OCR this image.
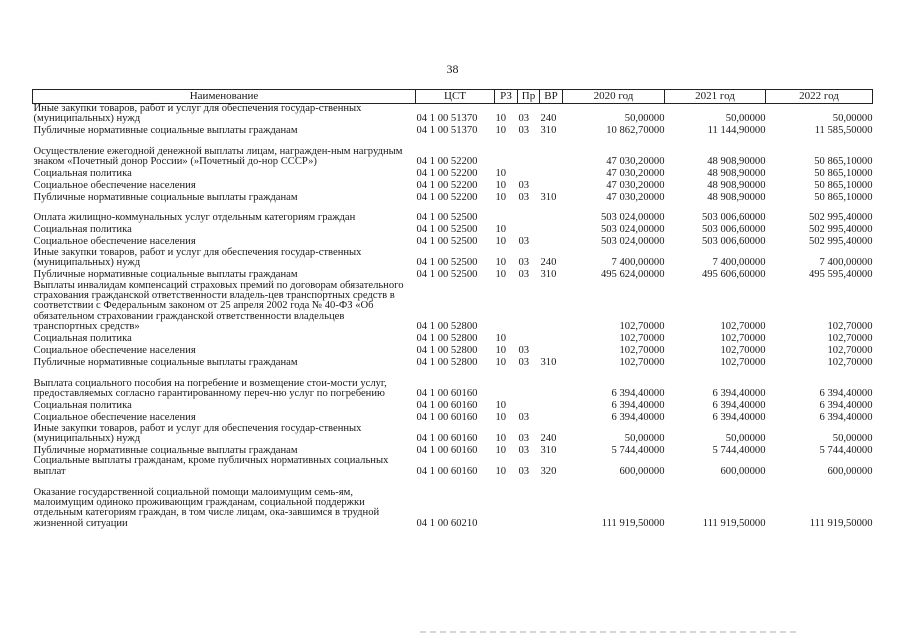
38
Наименование	ЦСТ	РЗ	Пр	ВР	2020 год	2021 год	2022 год
Иные закупки товаров, работ и услуг для обеспечения государ-ственных (муниципальных) нужд	04 1 00 51370	10	03	240	50,00000	50,00000	50,00000
Публичные нормативные социальные выплаты гражданам	04 1 00 51370	10	03	310	10 862,70000	11 144,90000	11 585,50000
Осуществление ежегодной денежной выплаты лицам, награжден-ным нагрудным знаком «Почетный донор России» (»Почетный до-нор СССР»)	04 1 00 52200				47 030,20000	48 908,90000	50 865,10000
Социальная политика	04 1 00 52200	10			47 030,20000	48 908,90000	50 865,10000
Социальное обеспечение населения	04 1 00 52200	10	03		47 030,20000	48 908,90000	50 865,10000
Публичные нормативные социальные выплаты гражданам	04 1 00 52200	10	03	310	47 030,20000	48 908,90000	50 865,10000
Оплата жилищно-коммунальных услуг отдельным категориям граждан	04 1 00 52500				503 024,00000	503 006,60000	502 995,40000
Социальная политика	04 1 00 52500	10			503 024,00000	503 006,60000	502 995,40000
Социальное обеспечение населения	04 1 00 52500	10	03		503 024,00000	503 006,60000	502 995,40000
Иные закупки товаров, работ и услуг для обеспечения государ-ственных (муниципальных) нужд	04 1 00 52500	10	03	240	7 400,00000	7 400,00000	7 400,00000
Публичные нормативные социальные выплаты гражданам	04 1 00 52500	10	03	310	495 624,00000	495 606,60000	495 595,40000
Выплаты инвалидам компенсаций страховых премий по договорам обязательного страхования гражданской ответственности владель-цев транспортных средств в соответствии с Федеральным законом от 25 апреля 2002 года № 40-ФЗ «Об обязательном страховании гражданской ответственности владельцев транспортных средств»	04 1 00 52800				102,70000	102,70000	102,70000
Социальная политика	04 1 00 52800	10			102,70000	102,70000	102,70000
Социальное обеспечение населения	04 1 00 52800	10	03		102,70000	102,70000	102,70000
Публичные нормативные социальные выплаты гражданам	04 1 00 52800	10	03	310	102,70000	102,70000	102,70000
Выплата социального пособия на погребение и возмещение стои-мости услуг, предоставляемых согласно гарантированному переч-ню услуг по погребению	04 1 00 60160				6 394,40000	6 394,40000	6 394,40000
Социальная политика	04 1 00 60160	10			6 394,40000	6 394,40000	6 394,40000
Социальное обеспечение населения	04 1 00 60160	10	03		6 394,40000	6 394,40000	6 394,40000
Иные закупки товаров, работ и услуг для обеспечения государ-ственных (муниципальных) нужд	04 1 00 60160	10	03	240	50,00000	50,00000	50,00000
Публичные нормативные социальные выплаты гражданам	04 1 00 60160	10	03	310	5 744,40000	5 744,40000	5 744,40000
Социальные выплаты гражданам, кроме публичных нормативных социальных выплат	04 1 00 60160	10	03	320	600,00000	600,00000	600,00000
Оказание государственной социальной помощи малоимущим семь-ям, малоимущим одиноко проживающим гражданам, социальной поддержки отдельным категориям граждан, в том числе лицам, ока-завшимся в трудной жизненной ситуации	04 1 00 60210				111 919,50000	111 919,50000	111 919,50000
